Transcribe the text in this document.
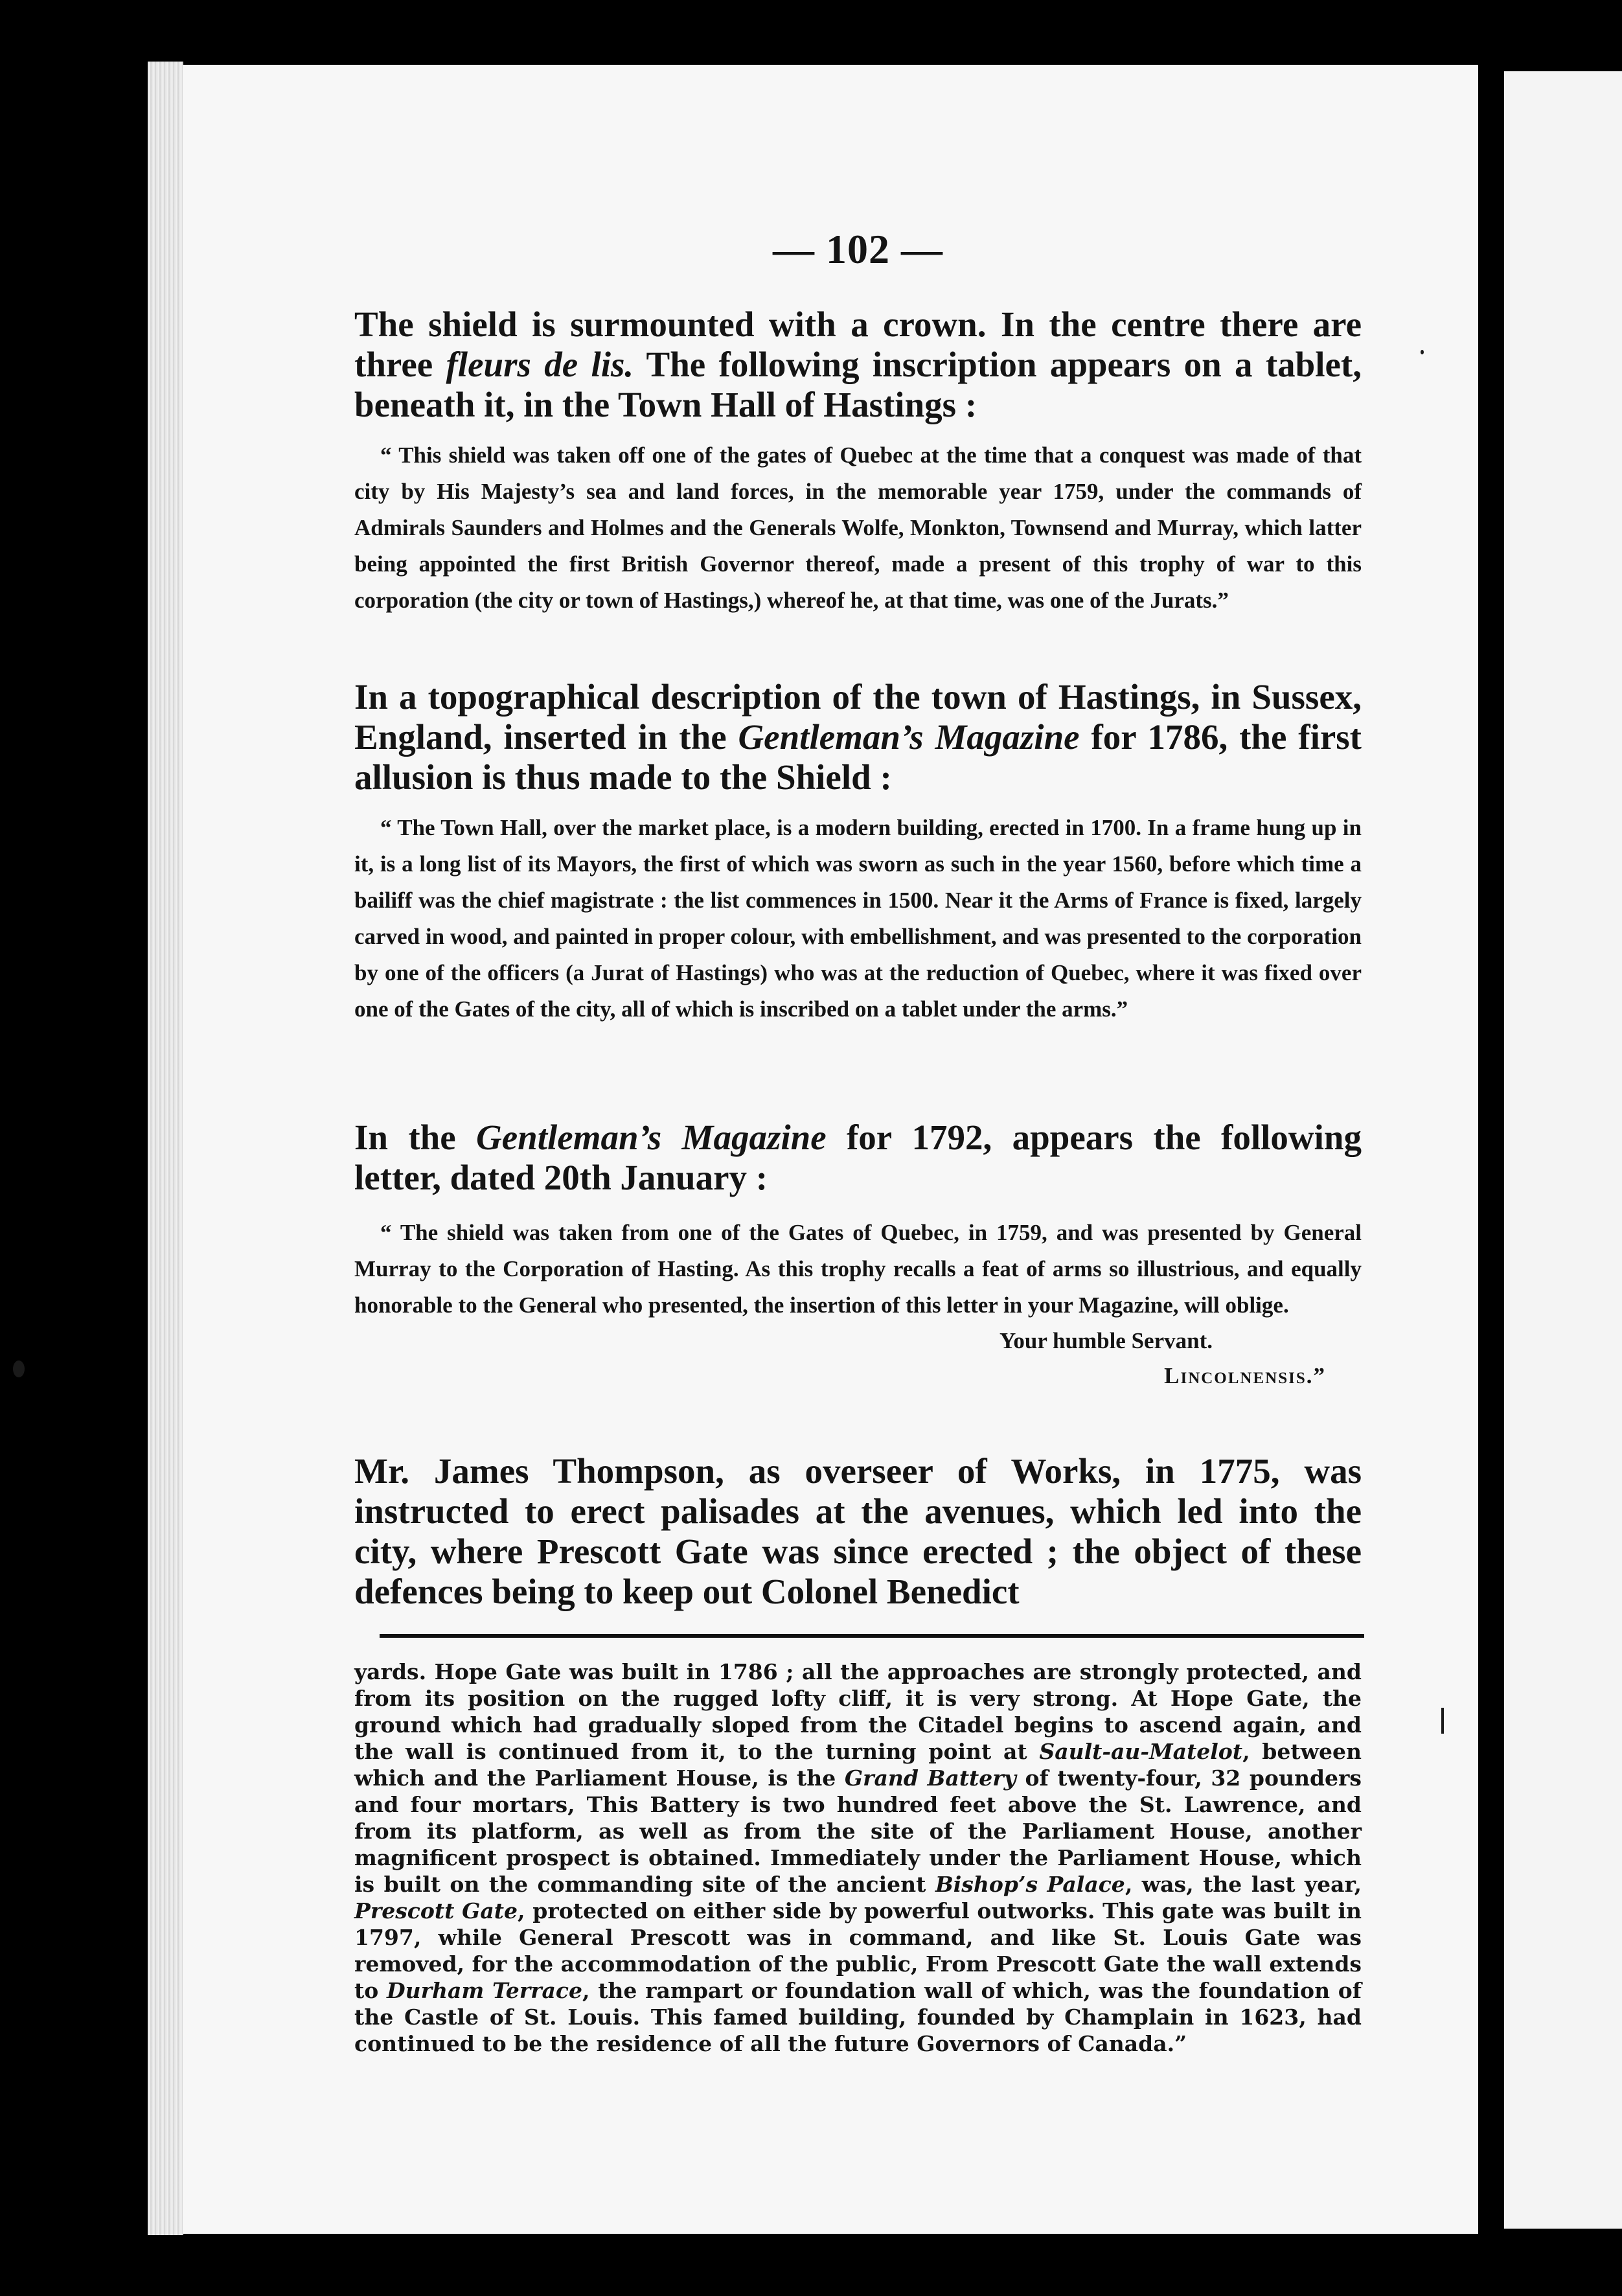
— 102 —

The shield is surmounted with a crown. In the centre there are three fleurs de lis. The following inscription appears on a tablet, beneath it, in the Town Hall of Hastings :

“ This shield was taken off one of the gates of Quebec at the time that a conquest was made of that city by His Majesty’s sea and land forces, in the memorable year 1759, under the commands of Admirals Saunders and Holmes and the Generals Wolfe, Monkton, Townsend and Murray, which latter being appointed the first British Governor thereof, made a present of this trophy of war to this corporation (the city or town of Hastings,) whereof he, at that time, was one of the Jurats.”

In a topographical description of the town of Hastings, in Sussex, England, inserted in the Gentleman’s Magazine for 1786, the first allusion is thus made to the Shield :

“ The Town Hall, over the market place, is a modern building, erected in 1700. In a frame hung up in it, is a long list of its Mayors, the first of which was sworn as such in the year 1560, before which time a bailiff was the chief magistrate : the list commences in 1500. Near it the Arms of France is fixed, largely carved in wood, and painted in proper colour, with embellishment, and was presented to the corporation by one of the officers (a Jurat of Hastings) who was at the reduction of Quebec, where it was fixed over one of the Gates of the city, all of which is inscribed on a tablet under the arms.”

In the Gentleman’s Magazine for 1792, appears the following letter, dated 20th January :

“ The shield was taken from one of the Gates of Quebec, in 1759, and was presented by General Murray to the Corporation of Hasting. As this trophy recalls a feat of arms so illustrious, and equally honorable to the General who presented, the insertion of this letter in your Magazine, will oblige.

Your humble Servant.

Lincolnensis.”

Mr. James Thompson, as overseer of Works, in 1775, was instructed to erect palisades at the avenues, which led into the city, where Prescott Gate was since erected ; the object of these defences being to keep out Colonel Benedict

yards. Hope Gate was built in 1786 ; all the approaches are strongly protected, and from its position on the rugged lofty cliff, it is very strong. At Hope Gate, the ground which had gradually sloped from the Citadel begins to ascend again, and the wall is continued from it, to the turning point at Sault-au-Matelot, between which and the Parliament House, is the Grand Battery of twenty-four, 32 pounders and four mortars, This Battery is two hundred feet above the St. Lawrence, and from its platform, as well as from the site of the Parliament House, another magnificent prospect is obtained. Immediately under the Parliament House, which is built on the commanding site of the ancient Bishop’s Palace, was, the last year, Prescott Gate, protected on either side by powerful outworks. This gate was built in 1797, while General Prescott was in command, and like St. Louis Gate was removed, for the accommodation of the public, From Prescott Gate the wall extends to Durham Terrace, the rampart or foundation wall of which, was the foundation of the Castle of St. Louis. This famed building, founded by Champlain in 1623, had continued to be the residence of all the future Governors of Canada.”
